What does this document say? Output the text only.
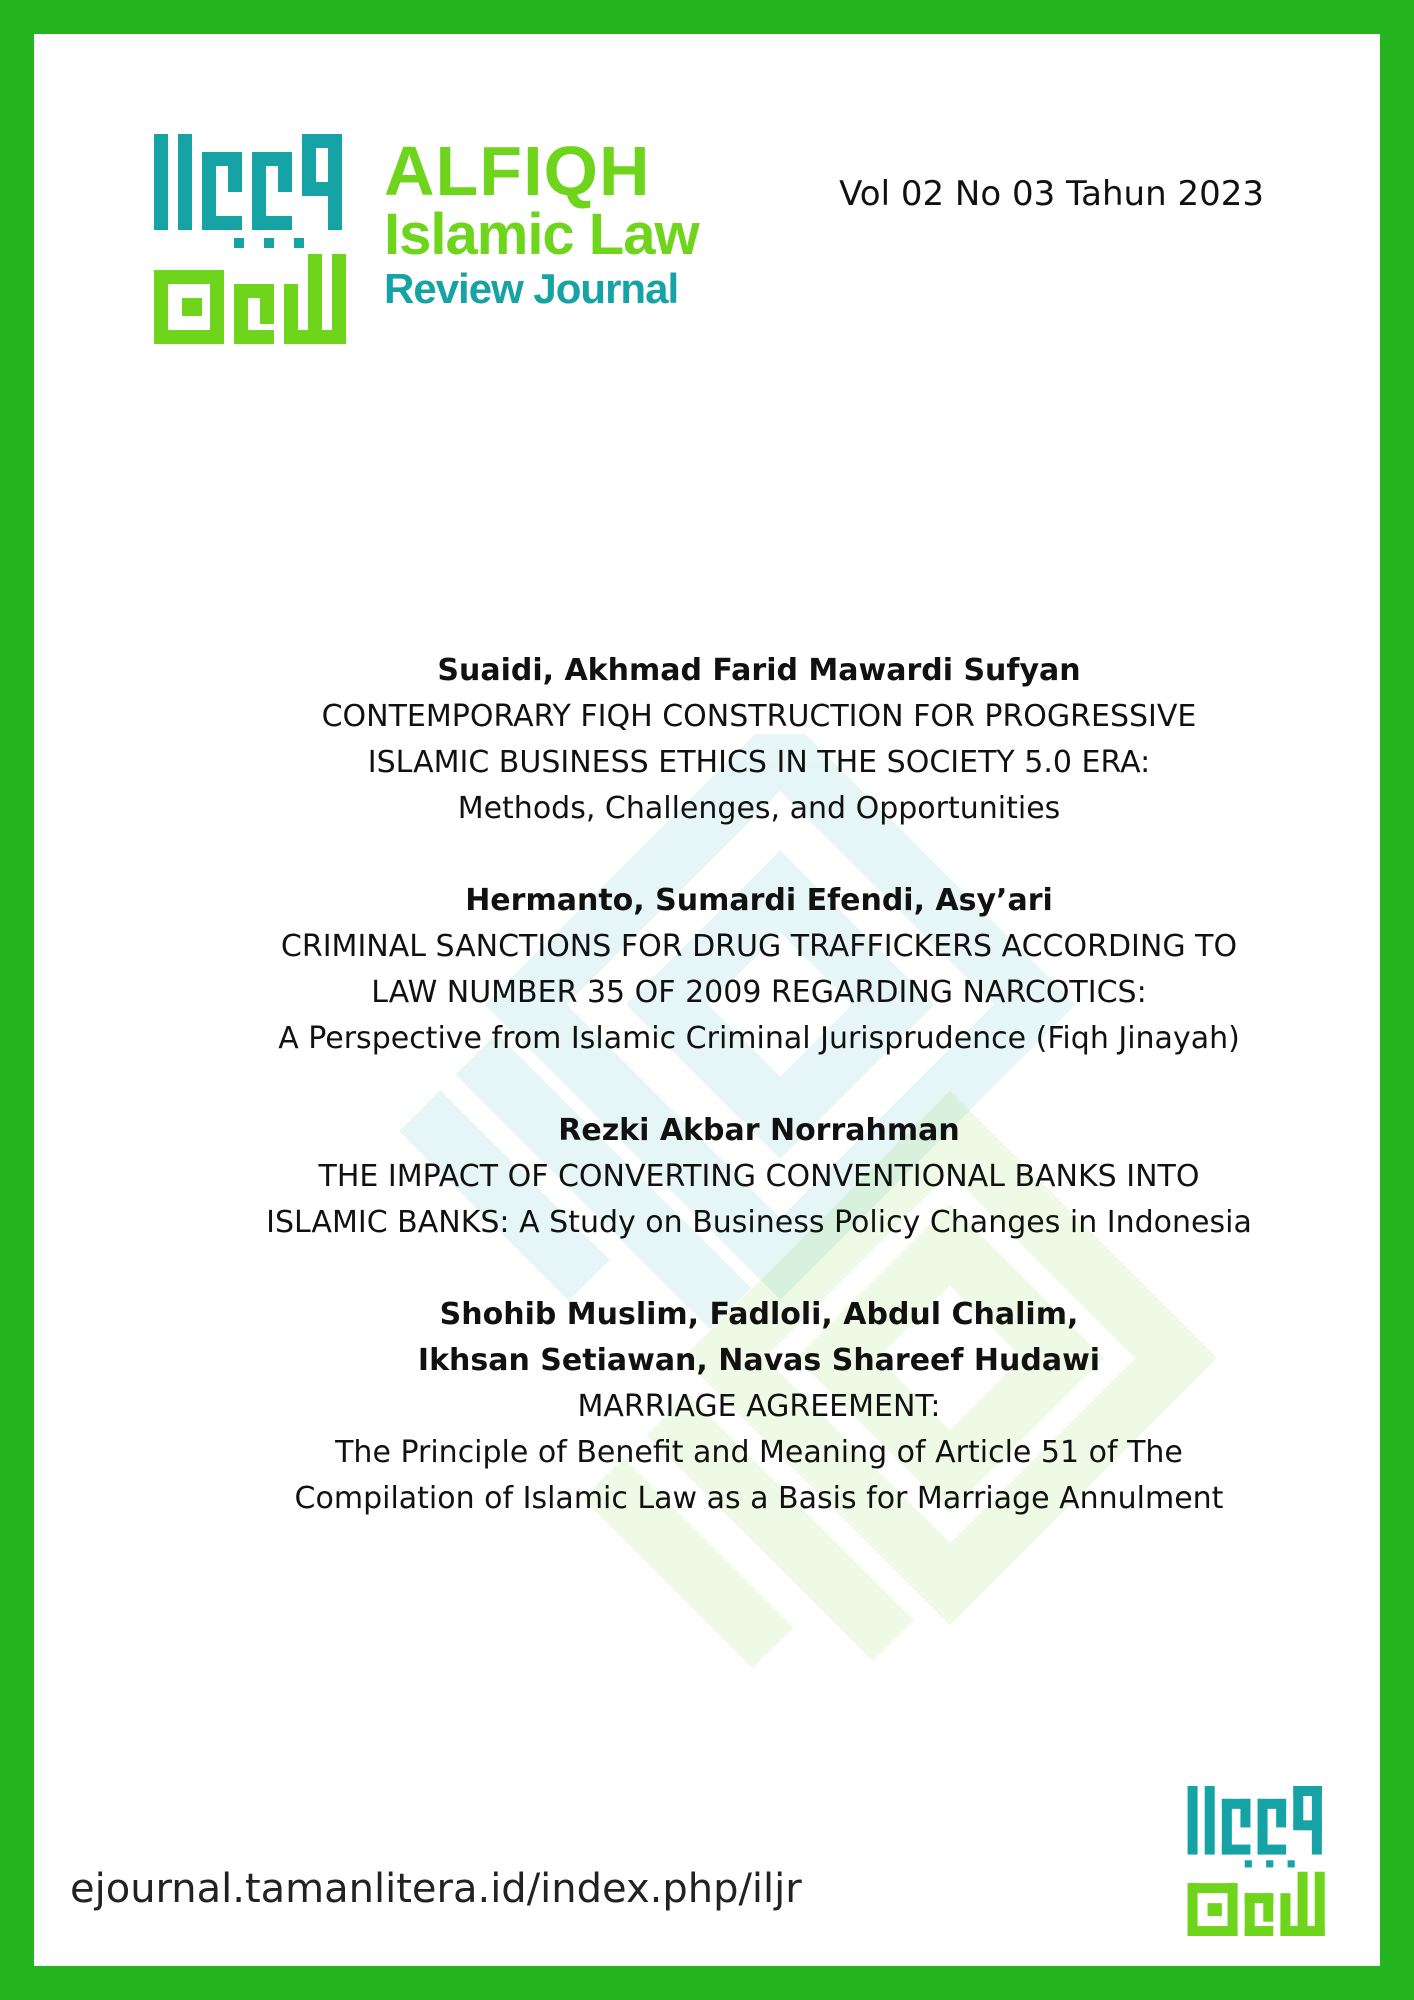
ALFIQH
Islamic Law
Review Journal
Vol 02 No 03 Tahun 2023
Suaidi, Akhmad Farid Mawardi Sufyan
CONTEMPORARY FIQH CONSTRUCTION FOR PROGRESSIVE
ISLAMIC BUSINESS ETHICS IN THE SOCIETY 5.0 ERA:
Methods, Challenges, and Opportunities
Hermanto, Sumardi Efendi, Asy’ari
CRIMINAL SANCTIONS FOR DRUG TRAFFICKERS ACCORDING TO
LAW NUMBER 35 OF 2009 REGARDING NARCOTICS:
A Perspective from Islamic Criminal Jurisprudence (Fiqh Jinayah)
Rezki Akbar Norrahman
THE IMPACT OF CONVERTING CONVENTIONAL BANKS INTO
ISLAMIC BANKS: A Study on Business Policy Changes in Indonesia
Shohib Muslim, Fadloli, Abdul Chalim,
Ikhsan Setiawan, Navas Shareef Hudawi
MARRIAGE AGREEMENT:
The Principle of Benefit and Meaning of Article 51 of The
Compilation of Islamic Law as a Basis for Marriage Annulment
ejournal.tamanlitera.id/index.php/iljr
